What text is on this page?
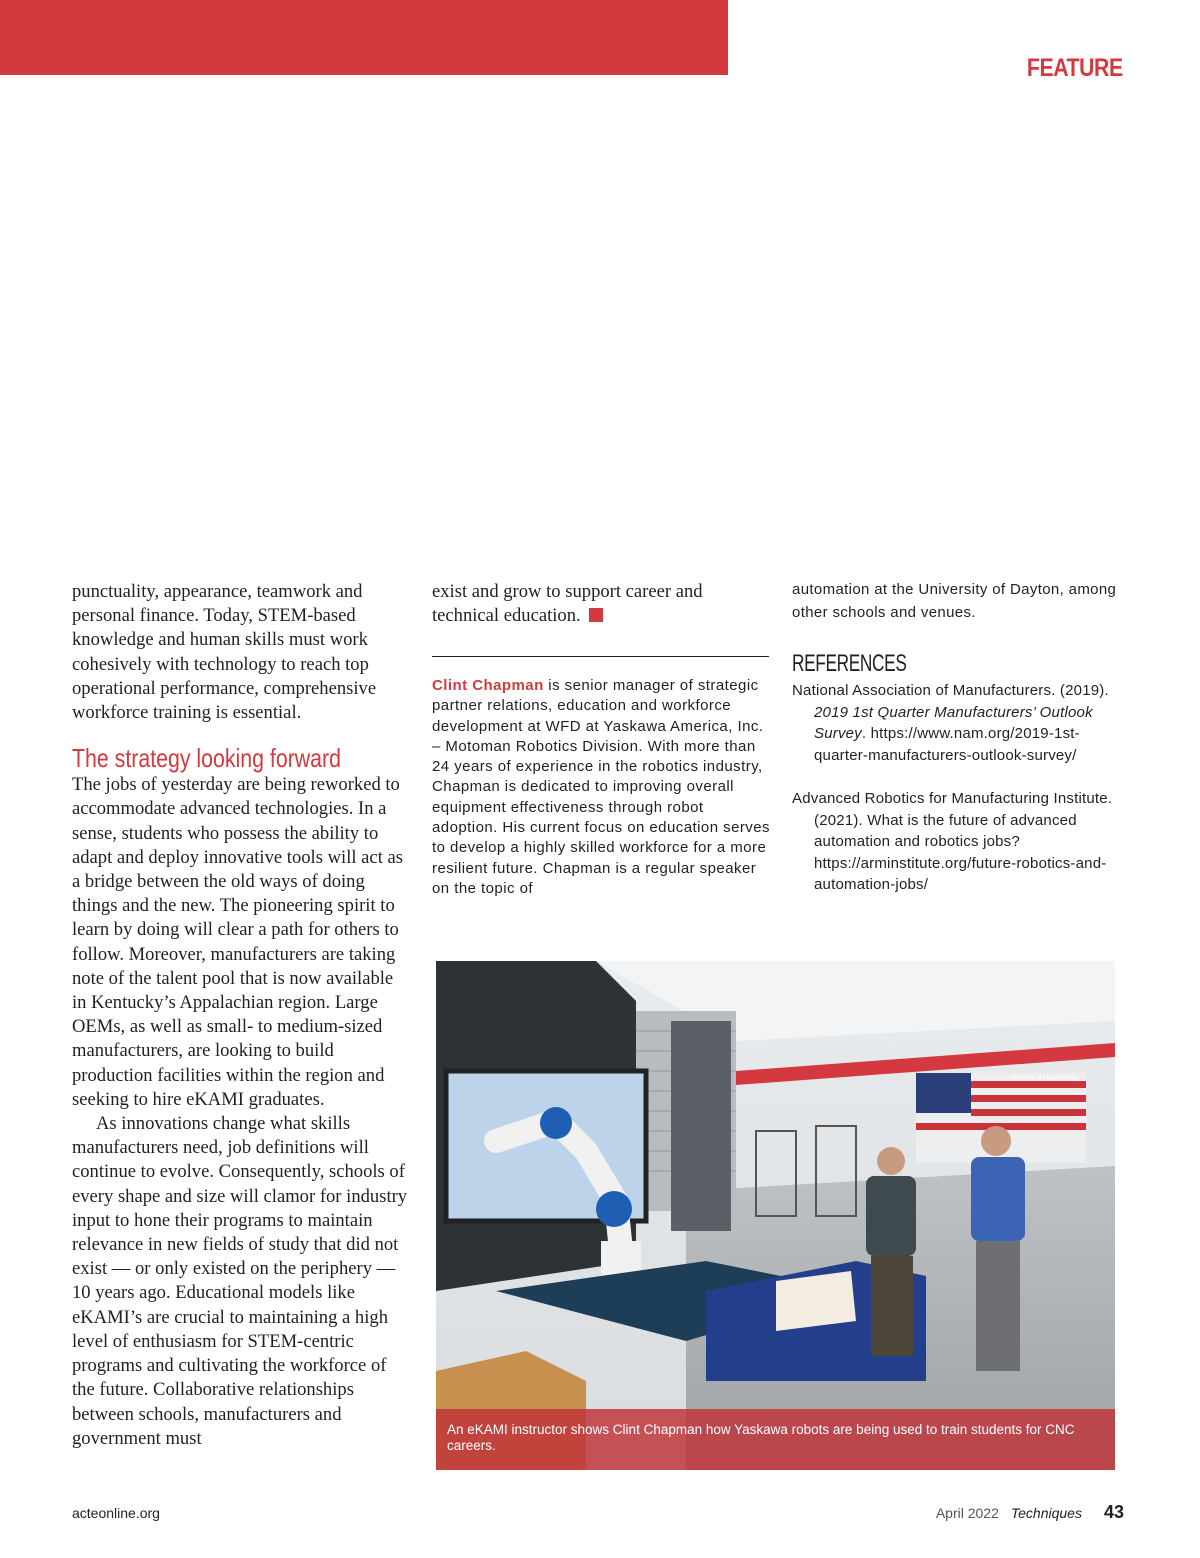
FEATURE

punctuality, appearance, teamwork and personal finance. Today, STEM-based knowledge and human skills must work cohesively with technology to reach top operational performance, comprehensive workforce training is essential.

The strategy looking forward

The jobs of yesterday are being reworked to accommodate advanced technologies. In a sense, students who possess the ability to adapt and deploy innovative tools will act as a bridge between the old ways of doing things and the new. The pioneering spirit to learn by doing will clear a path for others to follow. Moreover, manufacturers are taking note of the talent pool that is now available in Kentucky’s Appalachian region. Large OEMs, as well as small- to medium-sized manufacturers, are looking to build production facilities within the region and seeking to hire eKAMI graduates.

As innovations change what skills manufacturers need, job definitions will continue to evolve. Consequently, schools of every shape and size will clamor for industry input to hone their programs to maintain relevance in new fields of study that did not exist — or only existed on the periphery — 10 years ago. Educational models like eKAMI’s are crucial to maintaining a high level of enthusiasm for STEM-centric programs and cultivating the workforce of the future. Collaborative relationships between schools, manufacturers and government must

exist and grow to support career and technical education.

Clint Chapman is senior manager of strategic partner relations, education and workforce development at WFD at Yaskawa America, Inc. – Motoman Robotics Division. With more than 24 years of experience in the robotics industry, Chapman is dedicated to improving overall equipment effectiveness through robot adoption. His current focus on education serves to develop a highly skilled workforce for a more resilient future. Chapman is a regular speaker on the topic of

automation at the University of Dayton, among other schools and venues.

REFERENCES

National Association of Manufacturers. (2019). 2019 1st Quarter Manufacturers’ Outlook Survey. https://www.nam.org/2019-1st-quarter-manufacturers-outlook-survey/

Advanced Robotics for Manufacturing Institute. (2021). What is the future of advanced automation and robotics jobs? https://arminstitute.org/future-robotics-and-automation-jobs/

You're in a Haas Shop
An eKAMI instructor shows Clint Chapman how Yaskawa robots are being used to train students for CNC careers.
acteonline.org	April 2022 Techniques 43
